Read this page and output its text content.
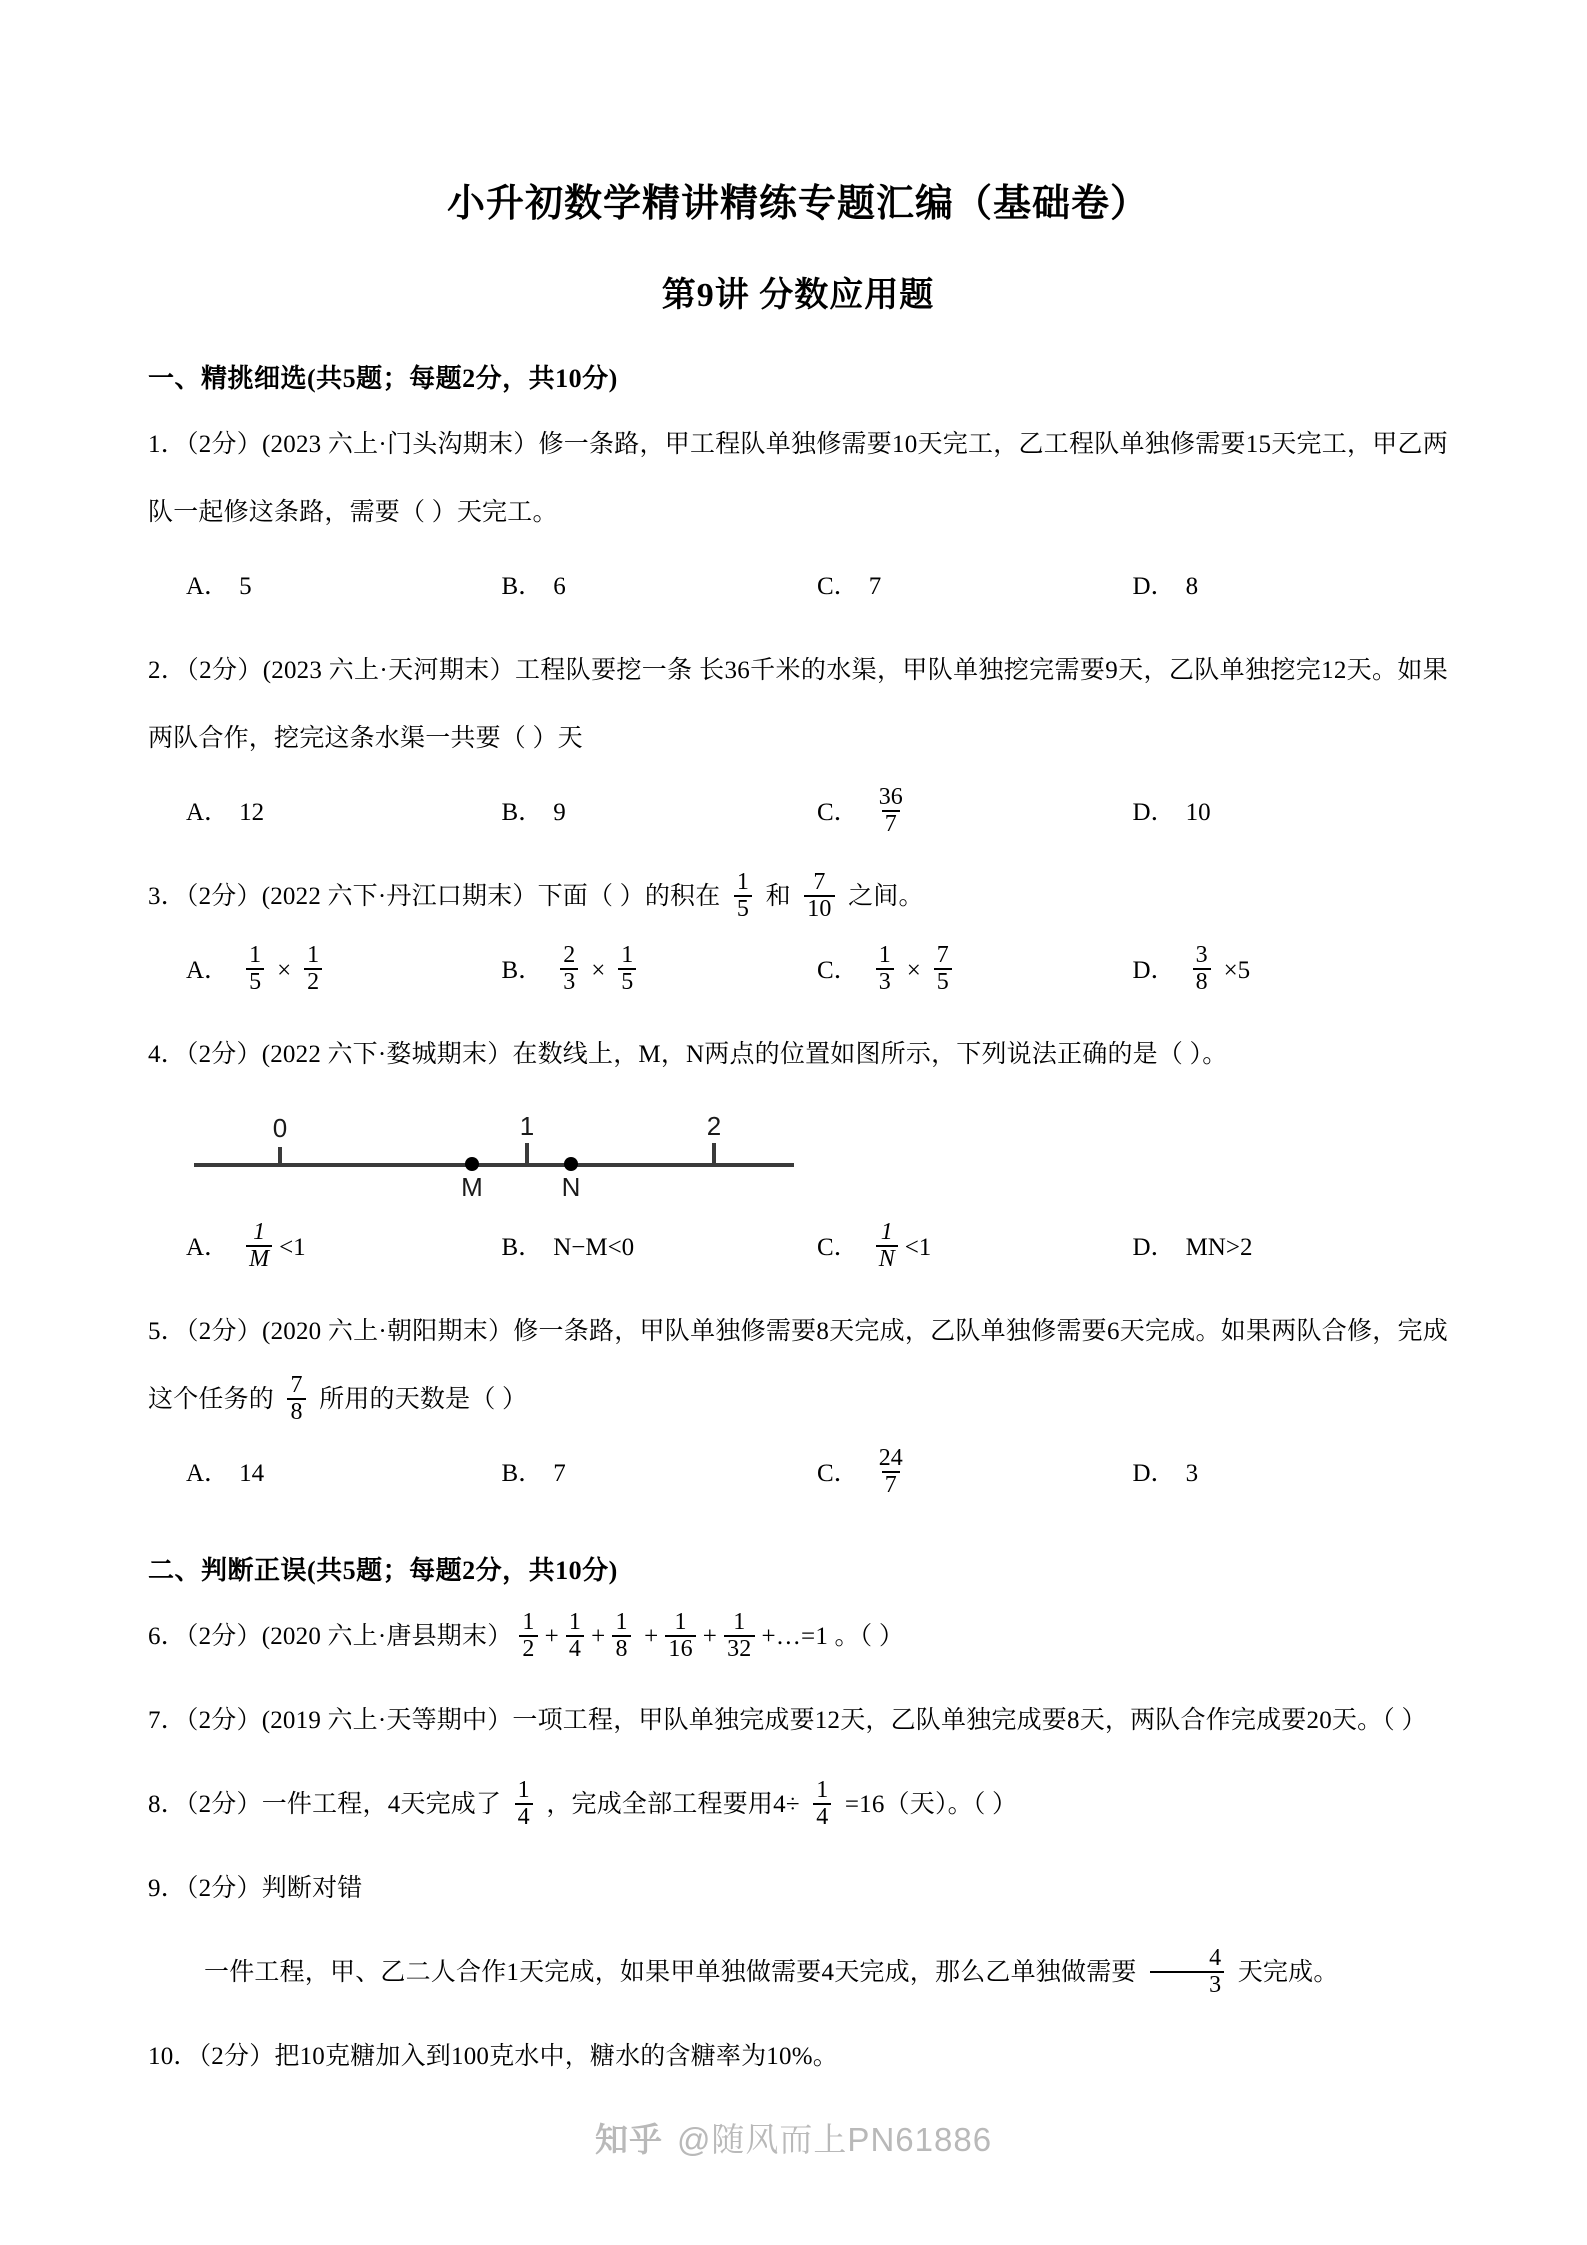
小升初数学精讲精练专题汇编（基础卷）
第9讲 分数应用题
一、精挑细选(共5题；每题2分，共10分)
1．（2分）(2023 六上·门头沟期末）修一条路，甲工程队单独修需要10天完工，乙工程队单独修需要15天完工，甲乙两队一起修这条路，需要（ ）天完工。
A． 5	B． 6	C． 7	D． 8
2．（2分）(2023 六上·天河期末）工程队要挖一条 长36千米的水渠，甲队单独挖完需要9天，乙队单独挖完12天。如果两队合作，挖完这条水渠一共要（ ）天
A． 12	B． 9	C． $\frac{36}{7}$	D． 10
3．（2分）(2022 六下·丹江口期末）下面（ ）的积在 $\frac{1}{5}$ 和 $\frac{7}{10}$ 之间。
A． $\frac{1}{5} \times \frac{1}{2}$	B． $\frac{2}{3} \times \frac{1}{5}$	C． $\frac{1}{3} \times \frac{7}{5}$	D． $\frac{3}{8} \times 5$
4．（2分）(2022 六下·婺城期末）在数线上，M，N两点的位置如图所示，下列说法正确的是（ ）。
0	1	2
M	N
A． $\frac{1}{M} <1$	B． N−M<0	C． $\frac{1}{N} <1$	D． MN>2
5．（2分）(2020 六上·朝阳期末）修一条路，甲队单独修需要8天完成，乙队单独修需要6天完成。如果两队合修，完成这个任务的 $\frac{7}{8}$ 所用的天数是（ ）
A． 14	B． 7	C． $\frac{24}{7}$	D． 3
二、判断正误(共5题；每题2分，共10分)
6．（2分）(2020 六上·唐县期末） $\frac{1}{2} + \frac{1}{4} + \frac{1}{8} + \frac{1}{16} + \frac{1}{32}$ +…=1 。（ ）
7．（2分）(2019 六上·天等期中）一项工程，甲队单独完成要12天，乙队单独完成要8天，两队合作完成要20天。（ ）
8．（2分）一件工程，4天完成了 $\frac{1}{4}$ ，完成全部工程要用$4\div \frac{1}{4} =16$（天）。（ ）
9．（2分）判断对错
一件工程，甲、乙二人合作1天完成，如果甲单独做需要4天完成，那么乙单独做需要 $\frac{4}{3}$ 天完成。
10．（2分）把10克糖加入到100克水中，糖水的含糖率为10%。
知乎 @随风而上PN61886
